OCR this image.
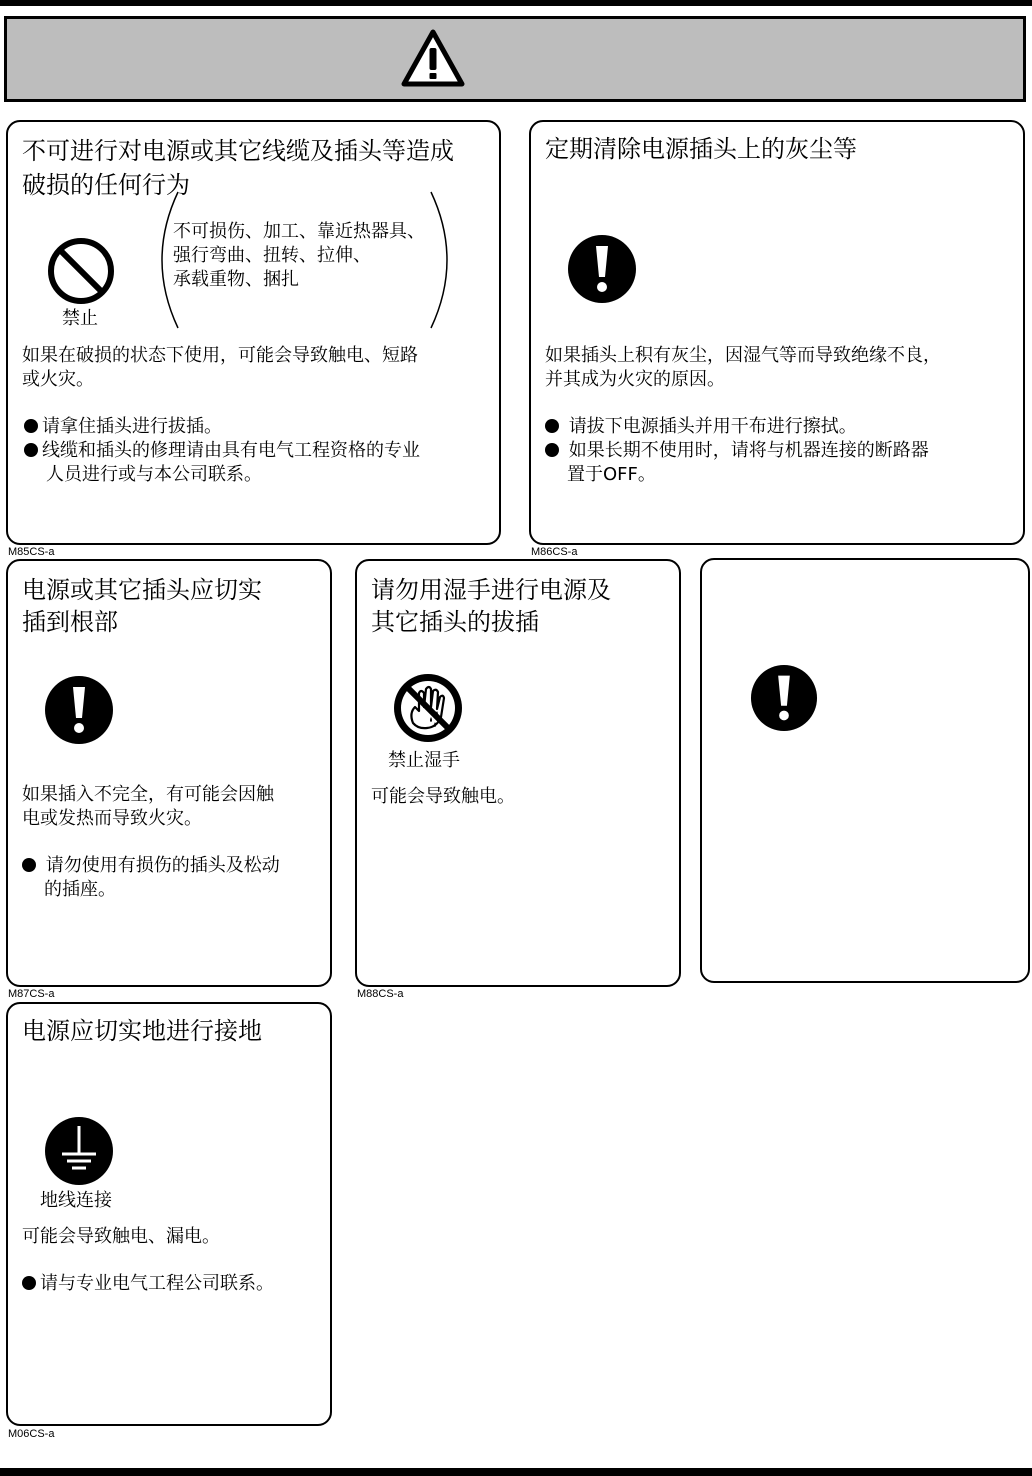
不可进行对电源或其它线缆及插头等造成
破损的任何行为
禁止
不可损伤、加工、靠近热器具、
强行弯曲、扭转、拉伸、
承载重物、捆扎
如果在破损的状态下使用，可能会导致触电、短路
或火灾。
请拿住插头进行拔插。
线缆和插头的修理请由具有电气工程资格的专业
人员进行或与本公司联系。
M85CS-a
定期清除电源插头上的灰尘等
如果插头上积有灰尘，因湿气等而导致绝缘不良，
并其成为火灾的原因。
请拔下电源插头并用干布进行擦拭。
如果长期不使用时，请将与机器连接的断路器
置于OFF。
M86CS-a
电源或其它插头应切实
插到根部
如果插入不完全，有可能会因触
电或发热而导致火灾。
请勿使用有损伤的插头及松动
的插座。
M87CS-a
请勿用湿手进行电源及
其它插头的拔插
禁止湿手
可能会导致触电。
M88CS-a
电源应切实地进行接地
地线连接
可能会导致触电、漏电。
请与专业电气工程公司联系。
M06CS-a
